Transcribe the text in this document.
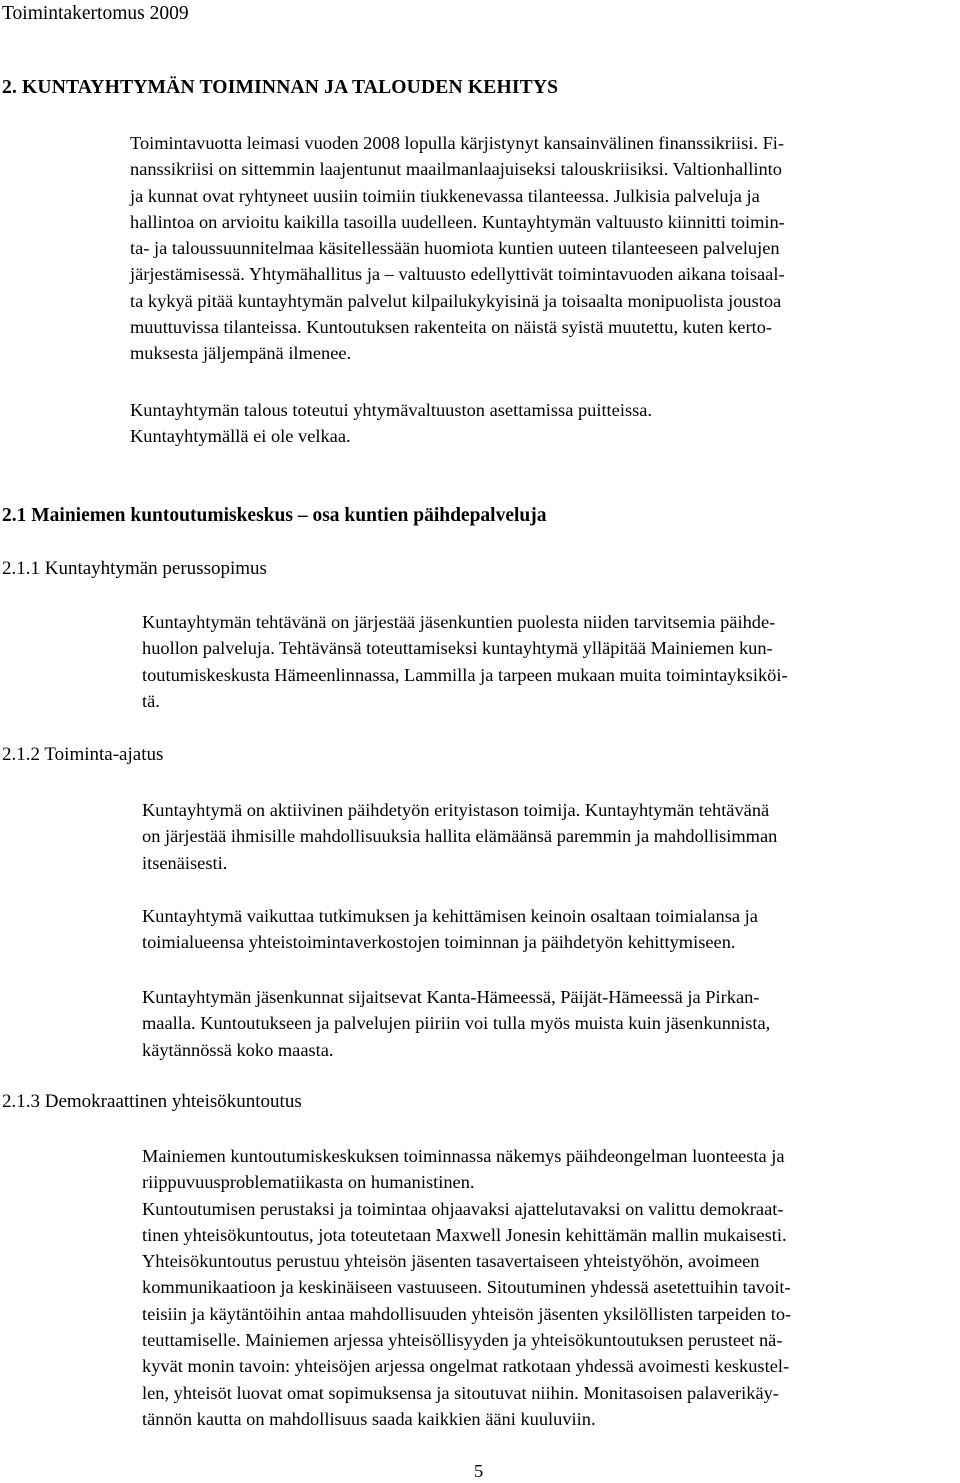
Toimintakertomus 2009
2. KUNTAYHTYMÄN TOIMINNAN JA TALOUDEN KEHITYS
Toimintavuotta leimasi vuoden 2008 lopulla kärjistynyt kansainvälinen finanssikriisi. Fi-
nanssikriisi on sittemmin laajentunut maailmanlaajuiseksi talouskriisiksi. Valtionhallinto
ja kunnat ovat ryhtyneet uusiin toimiin tiukkenevassa tilanteessa. Julkisia palveluja ja
hallintoa on arvioitu kaikilla tasoilla uudelleen. Kuntayhtymän valtuusto kiinnitti toimin-
ta- ja taloussuunnitelmaa käsitellessään huomiota kuntien uuteen tilanteeseen palvelujen
järjestämisessä. Yhtymähallitus ja – valtuusto edellyttivät toimintavuoden aikana toisaal-
ta kykyä pitää kuntayhtymän palvelut kilpailukykyisinä ja toisaalta monipuolista joustoa
muuttuvissa tilanteissa. Kuntoutuksen rakenteita on näistä syistä muutettu, kuten kerto-
muksesta jäljempänä ilmenee.
Kuntayhtymän talous toteutui yhtymävaltuuston asettamissa puitteissa.
Kuntayhtymällä ei ole velkaa.
2.1 Mainiemen kuntoutumiskeskus – osa kuntien päihdepalveluja
2.1.1 Kuntayhtymän perussopimus
Kuntayhtymän tehtävänä on järjestää jäsenkuntien puolesta niiden tarvitsemia päihde-
huollon palveluja. Tehtävänsä toteuttamiseksi kuntayhtymä ylläpitää Mainiemen kun-
toutumiskeskusta Hämeenlinnassa, Lammilla ja tarpeen mukaan muita toimintayksiköi-
tä.
2.1.2 Toiminta-ajatus
Kuntayhtymä on aktiivinen päihdetyön erityistason toimija. Kuntayhtymän tehtävänä
on järjestää ihmisille mahdollisuuksia hallita elämäänsä paremmin ja mahdollisimman
itsenäisesti.
Kuntayhtymä vaikuttaa tutkimuksen ja kehittämisen keinoin osaltaan toimialansa ja
toimialueensa yhteistoimintaverkostojen toiminnan ja päihdetyön kehittymiseen.
Kuntayhtymän jäsenkunnat sijaitsevat Kanta-Hämeessä, Päijät-Hämeessä ja Pirkan-
maalla. Kuntoutukseen ja palvelujen piiriin voi tulla myös muista kuin jäsenkunnista,
käytännössä koko maasta.
2.1.3 Demokraattinen yhteisökuntoutus
Mainiemen kuntoutumiskeskuksen toiminnassa näkemys päihdeongelman luonteesta ja
riippuvuusproblematiikasta on humanistinen.
Kuntoutumisen perustaksi ja toimintaa ohjaavaksi ajattelutavaksi on valittu demokraat-
tinen yhteisökuntoutus, jota toteutetaan Maxwell Jonesin kehittämän mallin mukaisesti.
Yhteisökuntoutus perustuu yhteisön jäsenten tasavertaiseen yhteistyöhön, avoimeen
kommunikaatioon ja keskinäiseen vastuuseen. Sitoutuminen yhdessä asetettuihin tavoit-
teisiin ja käytäntöihin antaa mahdollisuuden yhteisön jäsenten yksilöllisten tarpeiden to-
teuttamiselle. Mainiemen arjessa yhteisöllisyyden ja yhteisökuntoutuksen perusteet nä-
kyvät monin tavoin: yhteisöjen arjessa ongelmat ratkotaan yhdessä avoimesti keskustel-
len, yhteisöt luovat omat sopimuksensa ja sitoutuvat niihin. Monitasoisen palaverikäy-
tännön kautta on mahdollisuus saada kaikkien ääni kuuluviin.
5
